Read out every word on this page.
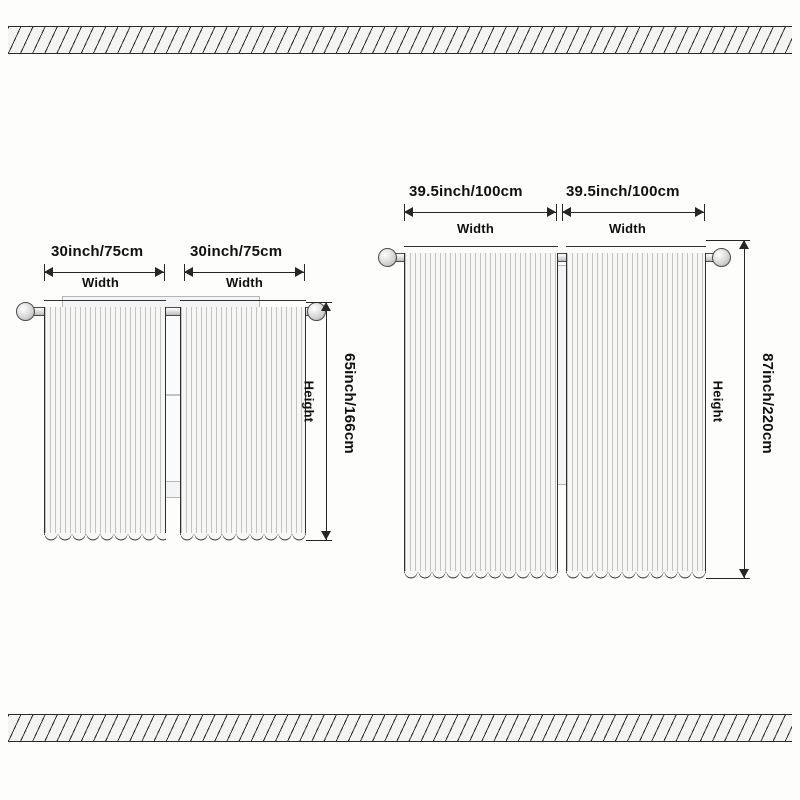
30inch/75cm
Width
30inch/75cm
Width
65inch/166cm
Height
39.5inch/100cm
Width
39.5inch/100cm
Width
87inch/220cm
Height
